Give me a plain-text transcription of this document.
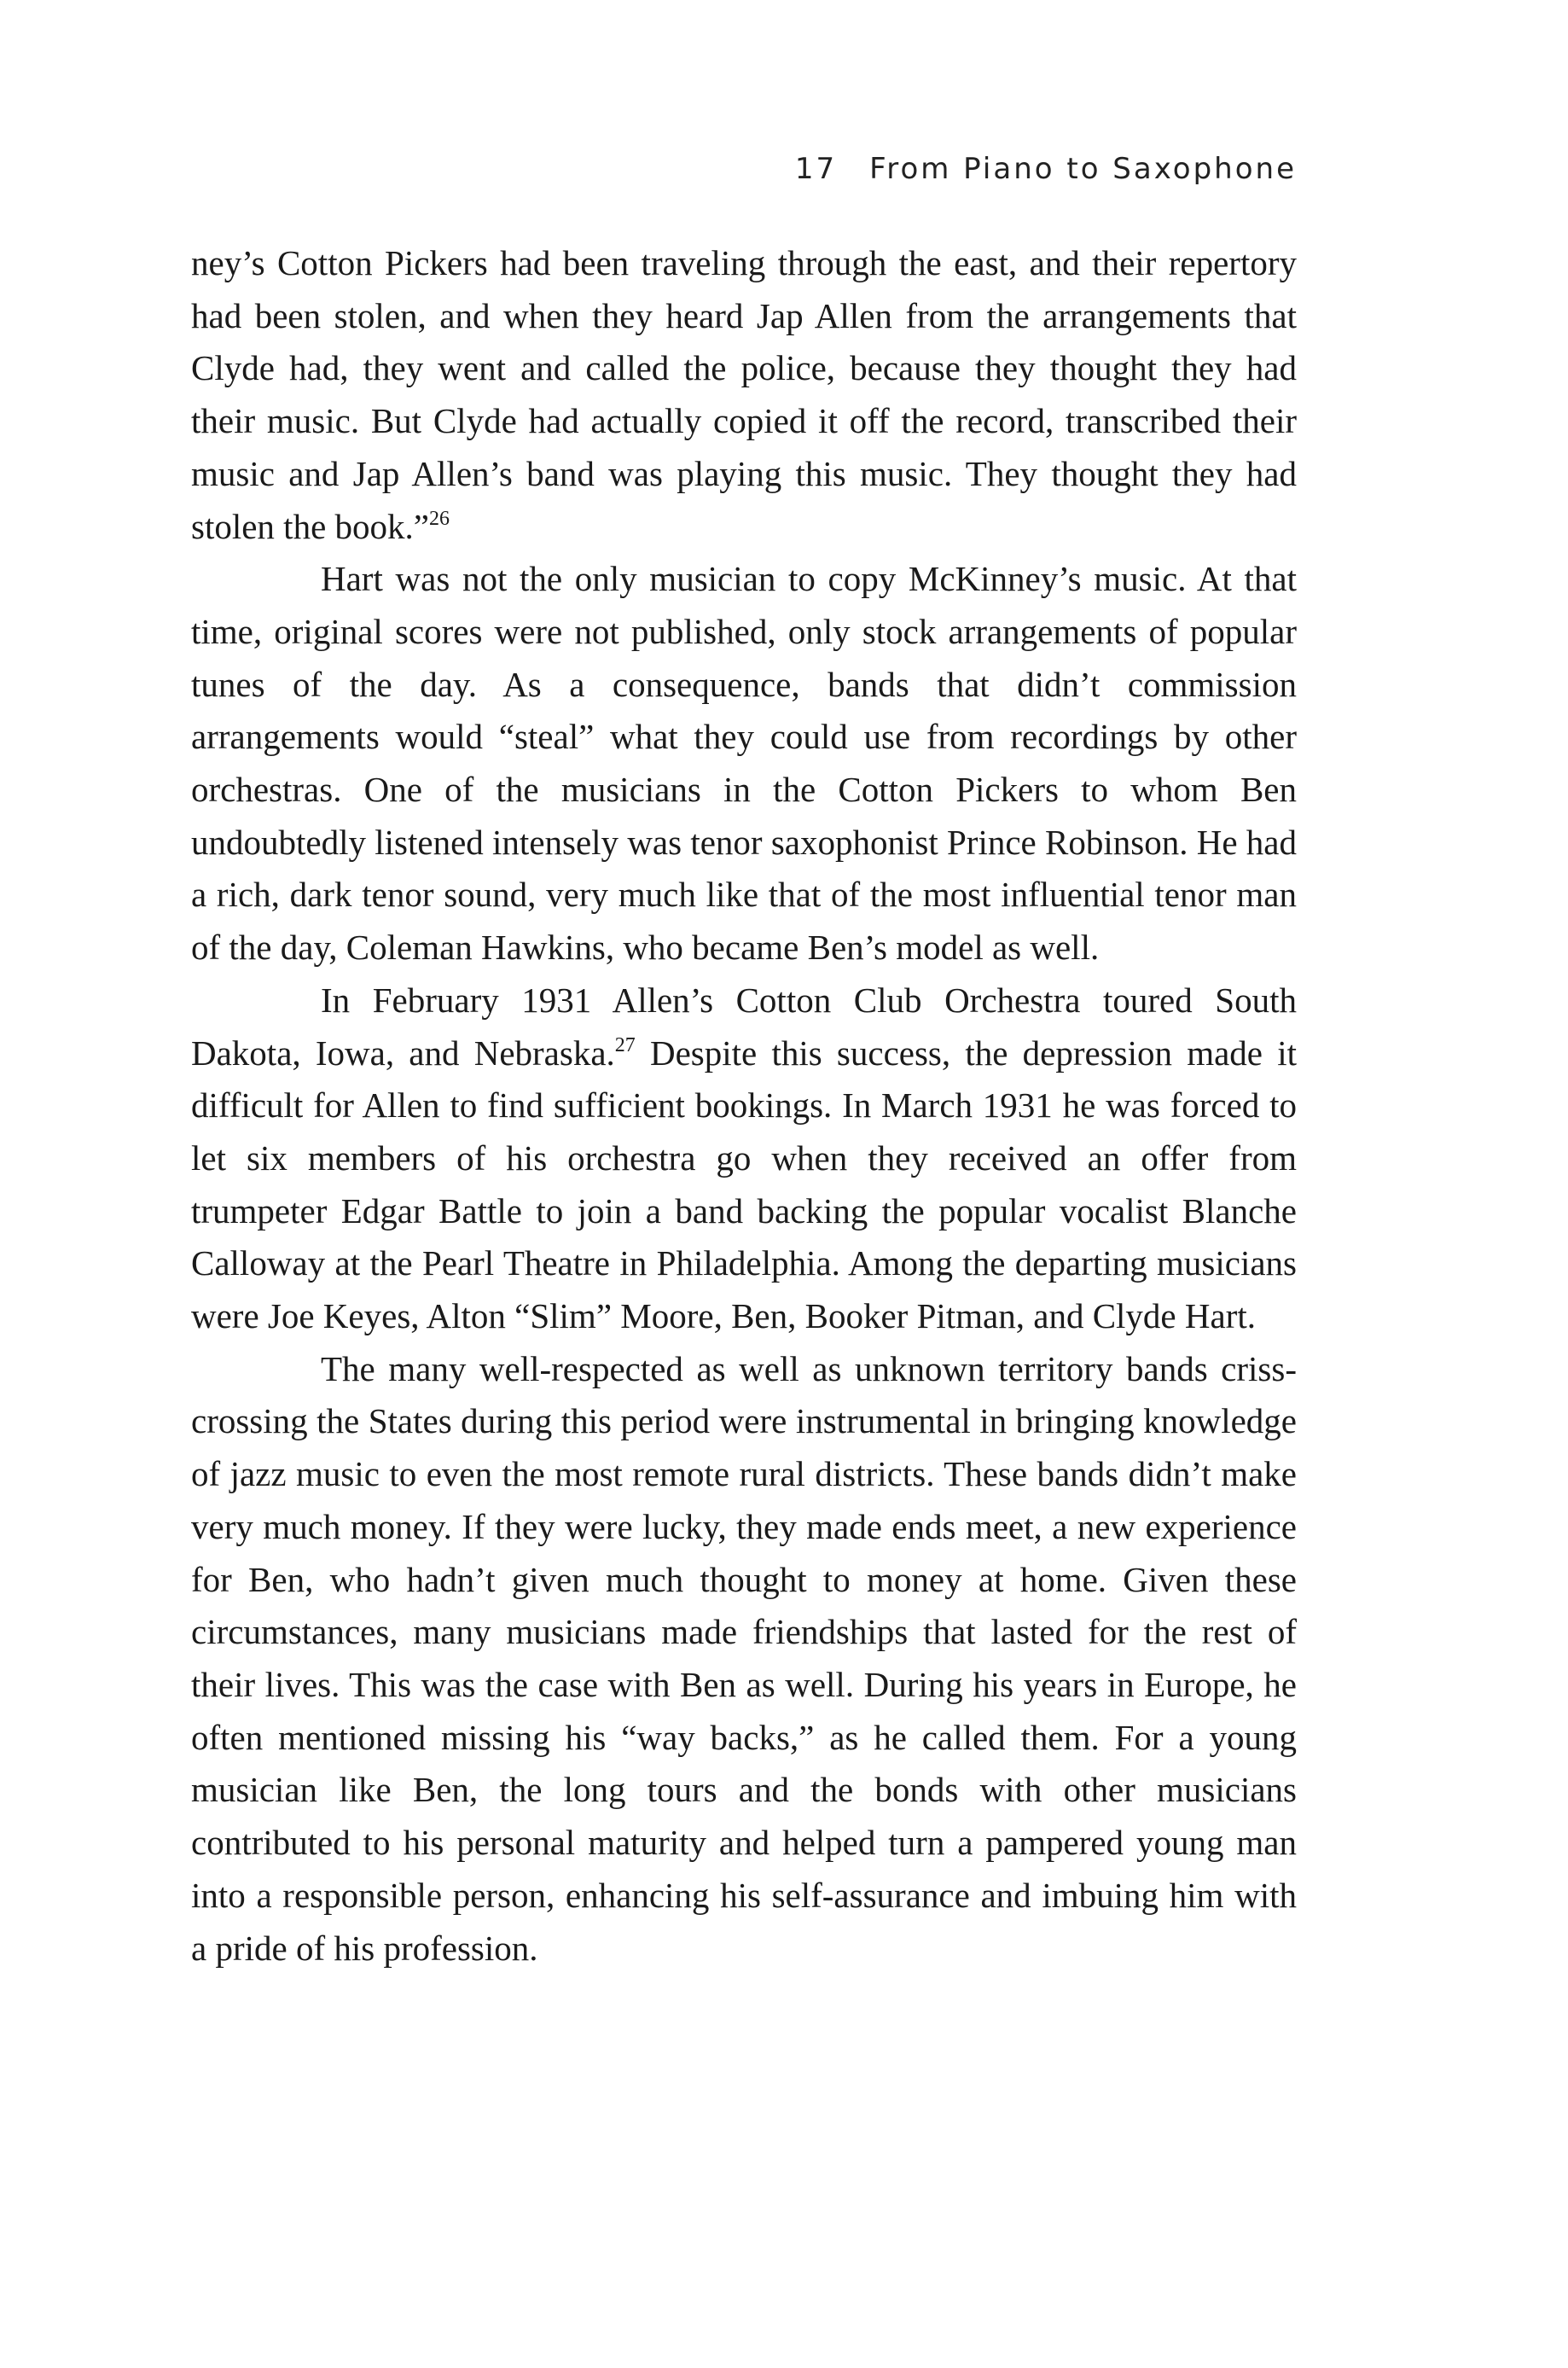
17 From Piano to Saxophone

ney’s Cotton Pickers had been traveling through the east, and their repertory had been stolen, and when they heard Jap Allen from the arrangements that Clyde had, they went and called the police, because they thought they had their music. But Clyde had actually copied it off the record, transcribed their music and Jap Allen’s band was playing this music. They thought they had stolen the book.”$^{26}$

Hart was not the only musician to copy McKinney’s music. At that time, original scores were not published, only stock arrangements of popular tunes of the day. As a consequence, bands that didn’t commission arrangements would “steal” what they could use from recordings by other orchestras. One of the musicians in the Cotton Pickers to whom Ben undoubtedly listened intensely was tenor saxophonist Prince Robinson. He had a rich, dark tenor sound, very much like that of the most influential tenor man of the day, Coleman Hawkins, who became Ben’s model as well.

In February 1931 Allen’s Cotton Club Orchestra toured South Dakota, Iowa, and Nebraska.$^{27}$ Despite this success, the depression made it difficult for Allen to find sufficient bookings. In March 1931 he was forced to let six members of his orchestra go when they received an offer from trumpeter Edgar Battle to join a band backing the popular vocalist Blanche Calloway at the Pearl Theatre in Philadelphia. Among the departing musicians were Joe Keyes, Alton “Slim” Moore, Ben, Booker Pitman, and Clyde Hart.

The many well-respected as well as unknown territory bands criss-crossing the States during this period were instrumental in bringing knowledge of jazz music to even the most remote rural districts. These bands didn’t make very much money. If they were lucky, they made ends meet, a new experience for Ben, who hadn’t given much thought to money at home. Given these circumstances, many musicians made friendships that lasted for the rest of their lives. This was the case with Ben as well. During his years in Europe, he often mentioned missing his “way backs,” as he called them. For a young musician like Ben, the long tours and the bonds with other musicians contributed to his personal maturity and helped turn a pampered young man into a responsible person, enhancing his self-assurance and imbuing him with a pride of his profession.
